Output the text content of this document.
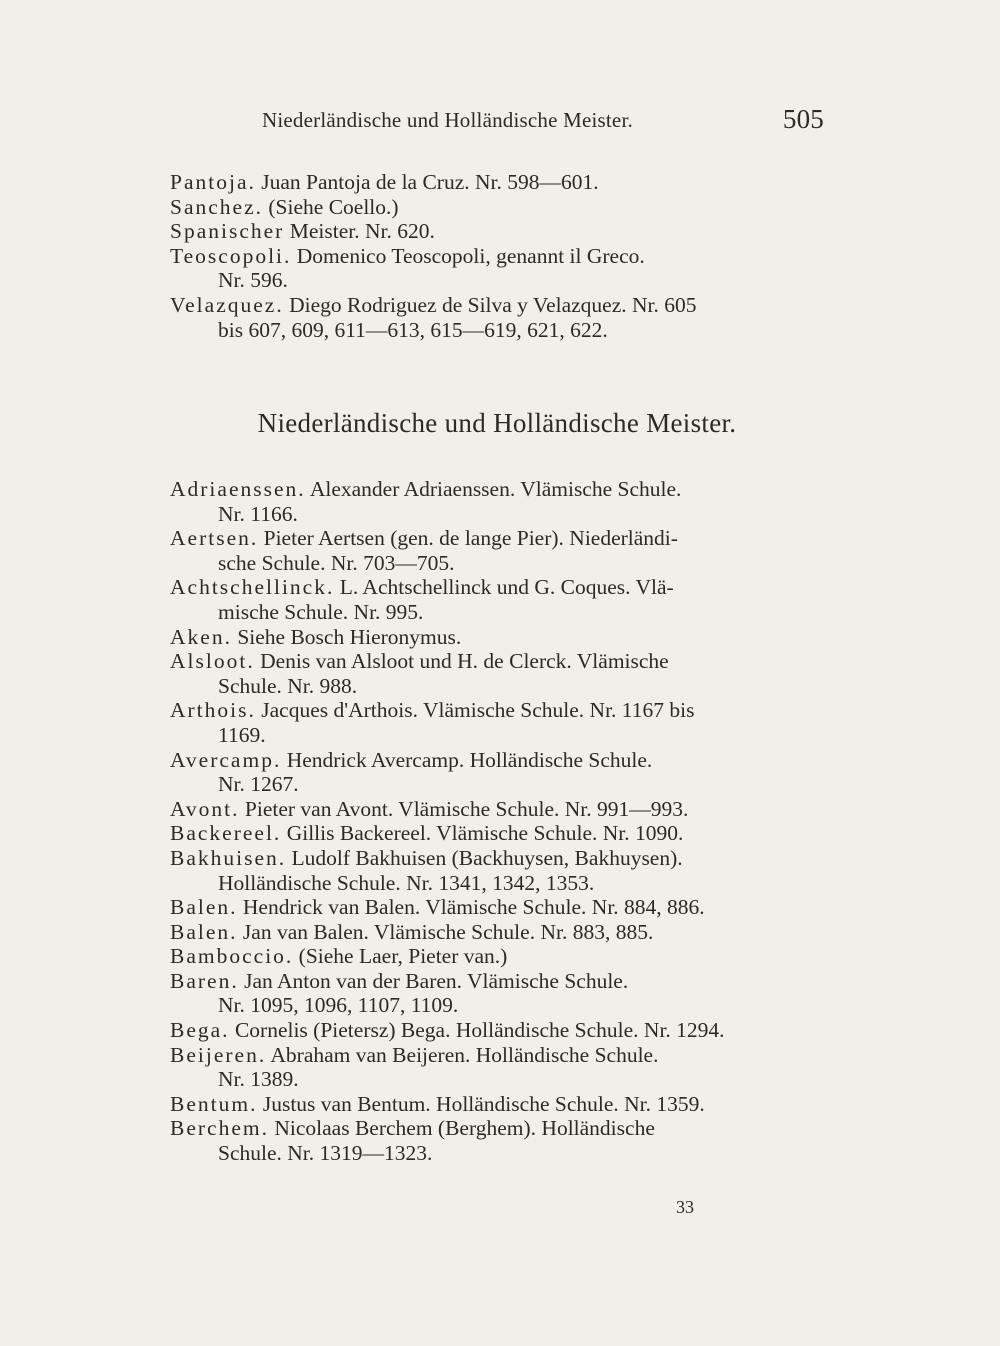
Niederländische und Holländische Meister.	505
Pantoja. Juan Pantoja de la Cruz. Nr. 598—601.
Sanchez. (Siehe Coello.)
Spanischer Meister. Nr. 620.
Teoscopoli. Domenico Teoscopoli, genannt il Greco.
Nr. 596.
Velazquez. Diego Rodriguez de Silva y Velazquez. Nr. 605
bis 607, 609, 611—613, 615—619, 621, 622.
Niederländische und Holländische Meister.
Adriaenssen. Alexander Adriaenssen. Vlämische Schule.
Nr. 1166.
Aertsen. Pieter Aertsen (gen. de lange Pier). Niederländi-
sche Schule. Nr. 703—705.
Achtschellinck. L. Achtschellinck und G. Coques. Vlä-
mische Schule. Nr. 995.
Aken. Siehe Bosch Hieronymus.
Alsloot. Denis van Alsloot und H. de Clerck. Vlämische
Schule. Nr. 988.
Arthois. Jacques d'Arthois. Vlämische Schule. Nr. 1167 bis
1169.
Avercamp. Hendrick Avercamp. Holländische Schule.
Nr. 1267.
Avont. Pieter van Avont. Vlämische Schule. Nr. 991—993.
Backereel. Gillis Backereel. Vlämische Schule. Nr. 1090.
Bakhuisen. Ludolf Bakhuisen (Backhuysen, Bakhuysen).
Holländische Schule. Nr. 1341, 1342, 1353.
Balen. Hendrick van Balen. Vlämische Schule. Nr. 884, 886.
Balen. Jan van Balen. Vlämische Schule. Nr. 883, 885.
Bamboccio. (Siehe Laer, Pieter van.)
Baren. Jan Anton van der Baren. Vlämische Schule.
Nr. 1095, 1096, 1107, 1109.
Bega. Cornelis (Pietersz) Bega. Holländische Schule. Nr. 1294.
Beijeren. Abraham van Beijeren. Holländische Schule.
Nr. 1389.
Bentum. Justus van Bentum. Holländische Schule. Nr. 1359.
Berchem. Nicolaas Berchem (Berghem). Holländische
Schule. Nr. 1319—1323.
33
